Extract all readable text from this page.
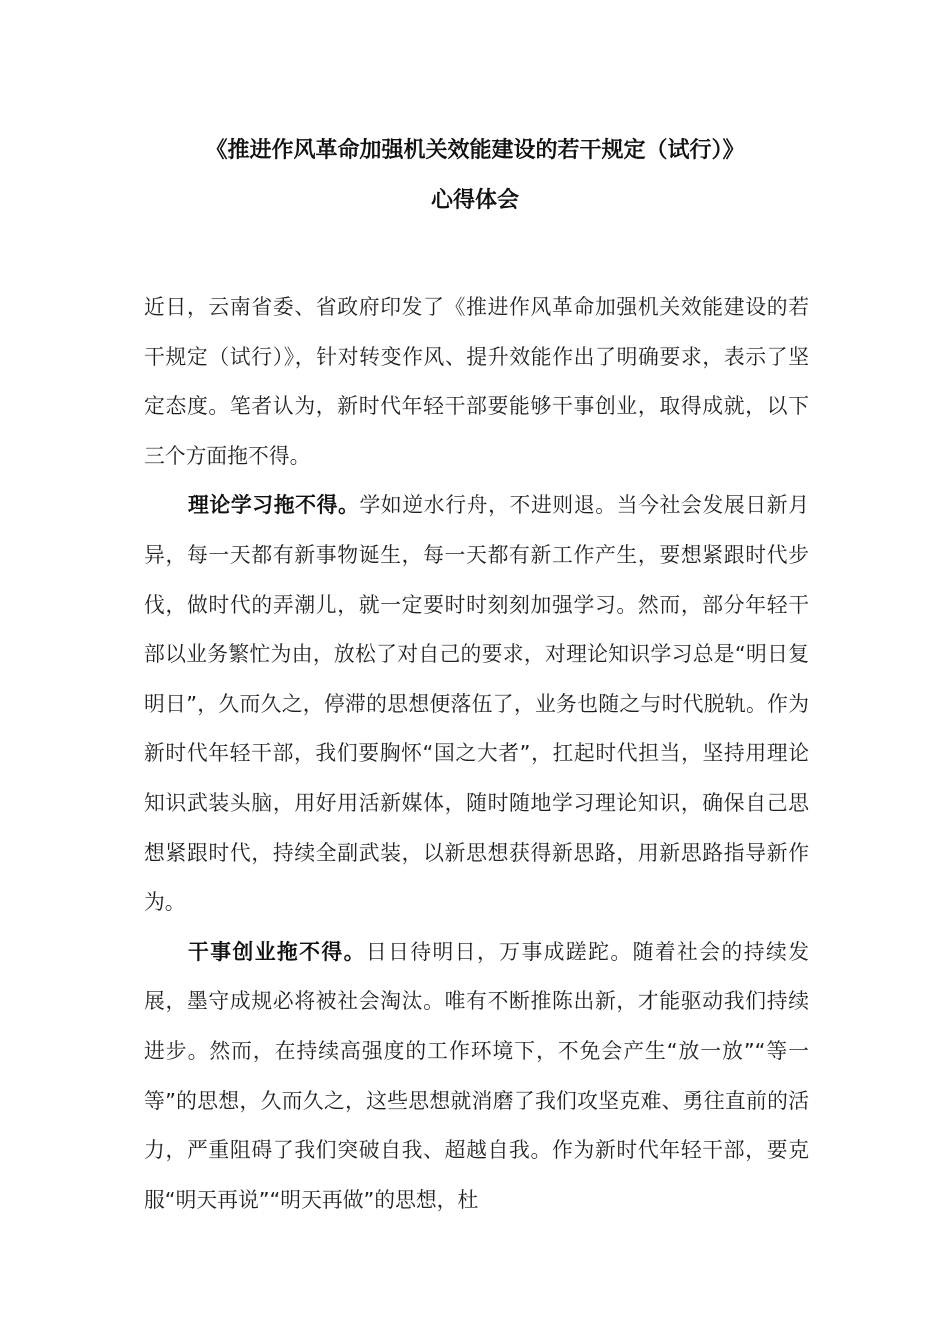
《推进作风革命加强机关效能建设的若干规定（试行）》
心得体会

近日，云南省委、省政府印发了《推进作风革命加强机关效能建设的若干规定（试行）》，针对转变作风、提升效能作出了明确要求，表示了坚定态度。笔者认为，新时代年轻干部要能够干事创业，取得成就，以下三个方面拖不得。

理论学习拖不得。学如逆水行舟，不进则退。当今社会发展日新月异，每一天都有新事物诞生，每一天都有新工作产生，要想紧跟时代步伐，做时代的弄潮儿，就一定要时时刻刻加强学习。然而，部分年轻干部以业务繁忙为由，放松了对自己的要求，对理论知识学习总是“明日复明日”，久而久之，停滞的思想便落伍了，业务也随之与时代脱轨。作为新时代年轻干部，我们要胸怀“国之大者”，扛起时代担当，坚持用理论知识武装头脑，用好用活新媒体，随时随地学习理论知识，确保自己思想紧跟时代，持续全副武装，以新思想获得新思路，用新思路指导新作为。

干事创业拖不得。日日待明日，万事成蹉跎。随着社会的持续发展，墨守成规必将被社会淘汰。唯有不断推陈出新，才能驱动我们持续进步。然而，在持续高强度的工作环境下，不免会产生“放一放”“等一等”的思想，久而久之，这些思想就消磨了我们攻坚克难、勇往直前的活力，严重阻碍了我们突破自我、超越自我。作为新时代年轻干部，要克服“明天再说”“明天再做”的思想，杜
